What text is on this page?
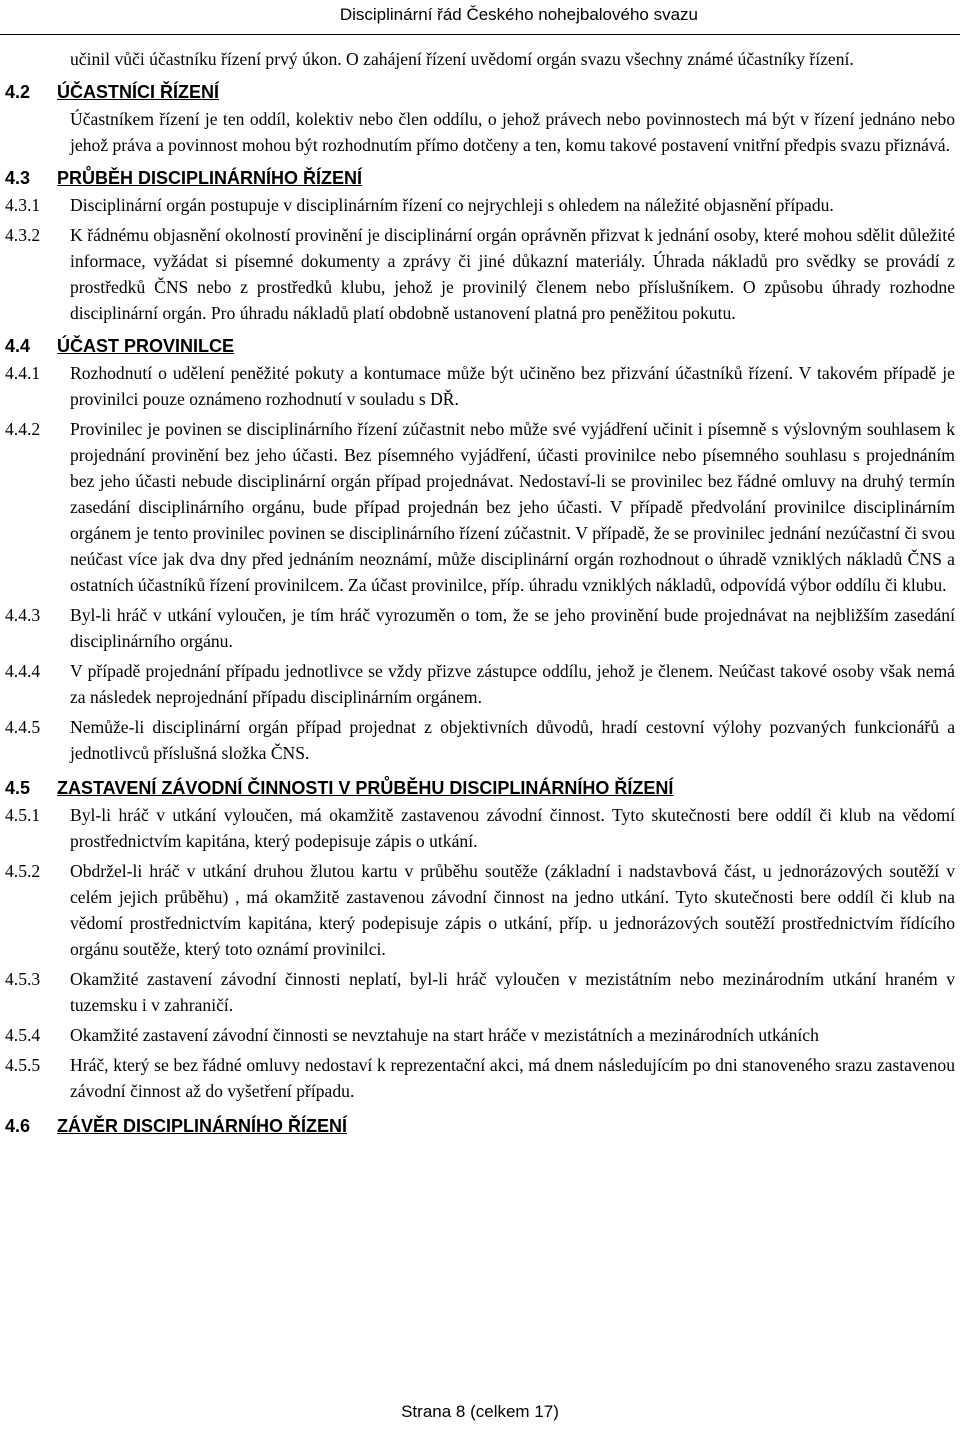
Disciplinární řád Českého nohejbalového svazu
učinil vůči účastníku řízení prvý úkon. O zahájení řízení uvědomí orgán svazu všechny známé účastníky řízení.
4.2	ÚČASTNÍCI ŘÍZENÍ
Účastníkem řízení je ten oddíl, kolektiv nebo člen oddílu, o jehož právech nebo povinnostech má být v řízení jednáno nebo jehož práva a povinnost mohou být rozhodnutím přímo dotčeny a ten, komu takové postavení vnitřní předpis svazu přiznává.
4.3	PRŮBĚH DISCIPLINÁRNÍHO ŘÍZENÍ
4.3.1	Disciplinární orgán postupuje v disciplinárním řízení co nejrychleji s ohledem na náležité objasnění případu.
4.3.2	K řádnému objasnění okolností provinění je disciplinární orgán oprávněn přizvat k jednání osoby, které mohou sdělit důležité informace, vyžádat si písemné dokumenty a zprávy či jiné důkazní materiály. Úhrada nákladů pro svědky se provádí z prostředků ČNS nebo z prostředků klubu, jehož je provinilý členem nebo příslušníkem. O způsobu úhrady rozhodne disciplinární orgán. Pro úhradu nákladů platí obdobně ustanovení platná pro peněžitou pokutu.
4.4	ÚČAST PROVINILCE
4.4.1	Rozhodnutí o udělení peněžité pokuty a kontumace může být učiněno bez přizvání účastníků řízení. V takovém případě je provinilci pouze oznámeno rozhodnutí v souladu s DŘ.
4.4.2	Provinilec je povinen se disciplinárního řízení zúčastnit nebo může své vyjádření učinit i písemně s výslovným souhlasem k projednání provinění bez jeho účasti. Bez písemného vyjádření, účasti provinilce nebo písemného souhlasu s projednáním bez jeho účasti nebude disciplinární orgán případ projednávat. Nedostaví-li se provinilec bez řádné omluvy na druhý termín zasedání disciplinárního orgánu, bude případ projednán bez jeho účasti. V případě předvolání provinilce disciplinárním orgánem je tento provinilec povinen se disciplinárního řízení zúčastnit. V případě, že se provinilec jednání nezúčastní či svou neúčast více jak dva dny před jednáním neoznámí, může disciplinární orgán rozhodnout o úhradě vzniklých nákladů ČNS a ostatních účastníků řízení provinilcem. Za účast provinilce, příp. úhradu vzniklých nákladů, odpovídá výbor oddílu či klubu.
4.4.3	Byl-li hráč v utkání vyloučen, je tím hráč vyrozuměn o tom, že se jeho provinění bude projednávat na nejbližším zasedání disciplinárního orgánu.
4.4.4	V případě projednání případu jednotlivce se vždy přizve zástupce oddílu, jehož je členem. Neúčast takové osoby však nemá za následek neprojednání případu disciplinárním orgánem.
4.4.5	Nemůže-li disciplinární orgán případ projednat z objektivních důvodů, hradí cestovní výlohy pozvaných funkcionářů a jednotlivců příslušná složka ČNS.
4.5	ZASTAVENÍ ZÁVODNÍ ČINNOSTI V PRŮBĚHU DISCIPLINÁRNÍHO ŘÍZENÍ
4.5.1	Byl-li hráč v utkání vyloučen, má okamžitě zastavenou závodní činnost. Tyto skutečnosti bere oddíl či klub na vědomí prostřednictvím kapitána, který podepisuje zápis o utkání.
4.5.2	Obdržel-li hráč v utkání druhou žlutou kartu v průběhu soutěže (základní i nadstavbová část, u jednorázových soutěží v celém jejich průběhu) , má okamžitě zastavenou závodní činnost na jedno utkání. Tyto skutečnosti bere oddíl či klub na vědomí prostřednictvím kapitána, který podepisuje zápis o utkání, příp. u jednorázových soutěží prostřednictvím řídícího orgánu soutěže, který toto oznámí provinilci.
4.5.3	Okamžité zastavení závodní činnosti neplatí, byl-li hráč vyloučen v mezistátním nebo mezinárodním utkání hraném v tuzemsku i v zahraničí.
4.5.4	Okamžité zastavení závodní činnosti se nevztahuje na start hráče v mezistátních a mezinárodních utkáních
4.5.5	Hráč, který se bez řádné omluvy nedostaví k reprezentační akci, má dnem následujícím po dni stanoveného srazu zastavenou závodní činnost až do vyšetření případu.
4.6	ZÁVĚR DISCIPLINÁRNÍHO ŘÍZENÍ
Strana 8 (celkem 17)
